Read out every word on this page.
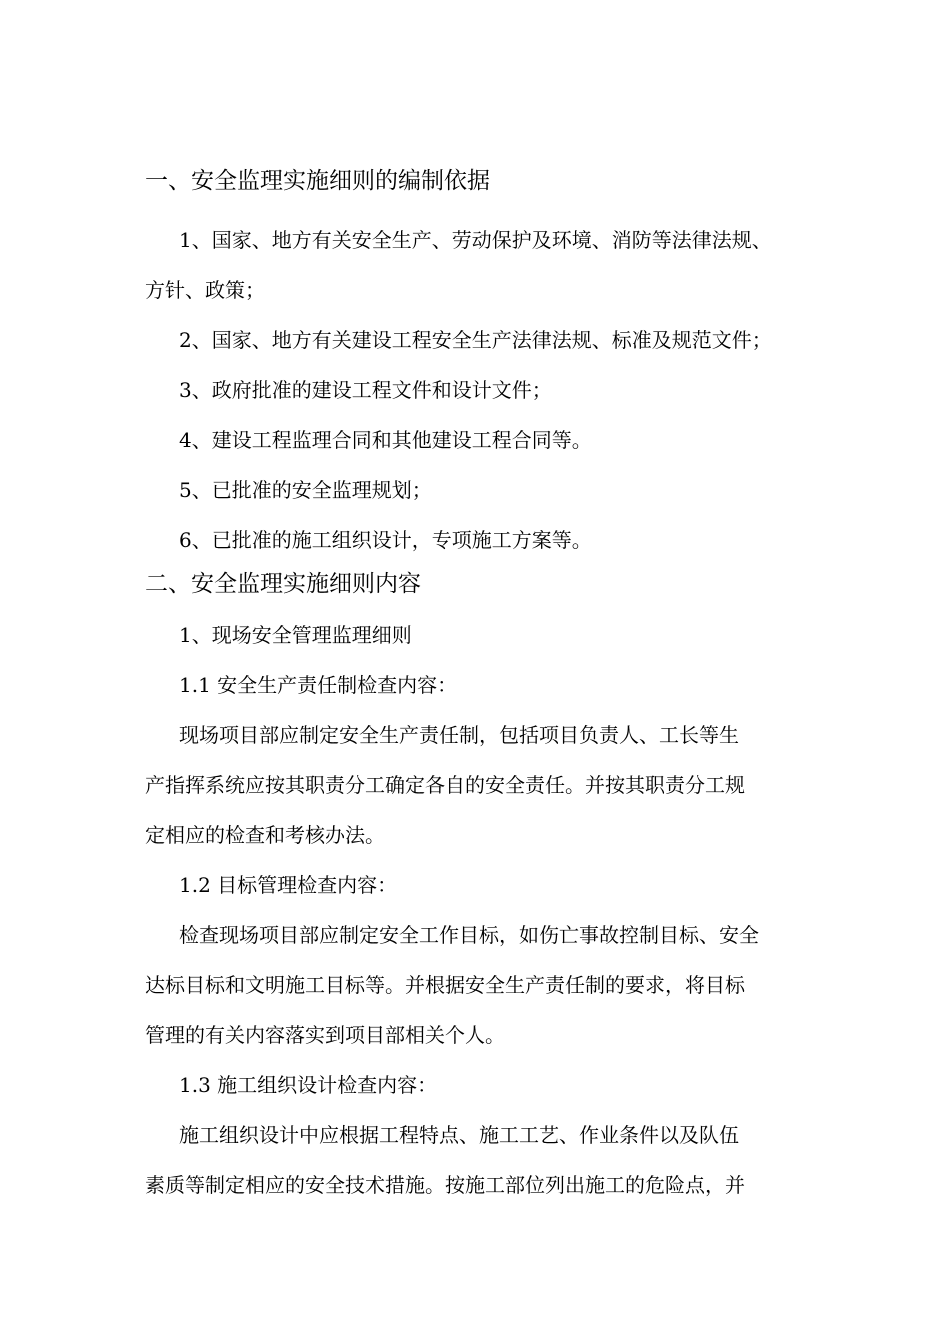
一、安全监理实施细则的编制依据
1、国家、地方有关安全生产、劳动保护及环境、消防等法律法规、
方针、政策；
2、国家、地方有关建设工程安全生产法律法规、标准及规范文件；
3、政府批准的建设工程文件和设计文件；
4、建设工程监理合同和其他建设工程合同等。
5、已批准的安全监理规划；
6、已批准的施工组织设计，专项施工方案等。
二、安全监理实施细则内容
1、现场安全管理监理细则
1.1 安全生产责任制检查内容：
现场项目部应制定安全生产责任制，包括项目负责人、工长等生
产指挥系统应按其职责分工确定各自的安全责任。并按其职责分工规
定相应的检查和考核办法。
1.2 目标管理检查内容：
检查现场项目部应制定安全工作目标，如伤亡事故控制目标、安全
达标目标和文明施工目标等。并根据安全生产责任制的要求，将目标
管理的有关内容落实到项目部相关个人。
1.3 施工组织设计检查内容：
施工组织设计中应根据工程特点、施工工艺、作业条件以及队伍
素质等制定相应的安全技术措施。按施工部位列出施工的危险点，并
